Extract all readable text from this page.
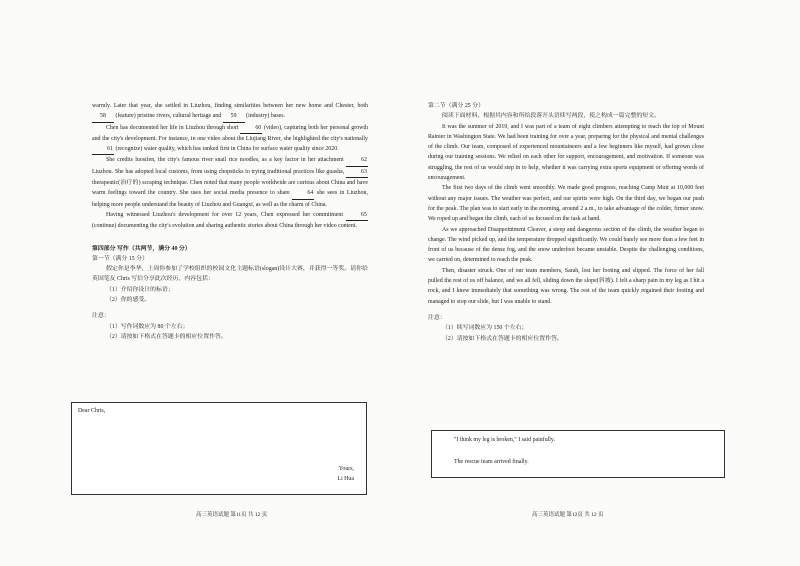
warmly. Later that year, she settled in Liuzhou, finding similarities between her new home and Chester, both 58 (feature) pristine rivers, cultural heritage and 59 (industry) bases.

Chen has documented her life in Liuzhou through short	60 (video), capturing both her personal growth and the city's development. For instance, in one video about the Liujiang River, she highlighted the city's nationally 61 (recognize) water quality, which has ranked first in China for surface water quality since 2020.

She credits luosifen, the city's famous river snail rice noodles, as a key factor in her attachment	62 Liuzhou. She has adopted local customs, from using chopsticks to trying traditional practices like guasha,	63 therapeutic(治疗的) scraping technique. Chen noted that many people worldwide are curious about China and have warm feelings toward the country. She uses her social media presence to share	64 she sees in Liuzhou, helping more people understand the beauty of Liuzhou and Guangxi, as well as the charm of China.

Having witnessed Liuzhou's development for over 12 years, Chen expressed her commitment	65 (continue) documenting the city's evolution and sharing authentic stories about China through her video content.

第四部分 写作（共两节，满分 40 分）

第一节（满分 15 分）

假定你是李华，上周你参加了学校组织的校园文化主题标语(slogan)设计大赛，并获得一等奖。请你给英国笔友 Chris 写信分享此次经历，内容包括：

（1）介绍你设计的标语；

（2）你的感受。

注意：

（1）写作词数应为 80 个左右；

（2）请按如下格式在答题卡的相应位置作答。

Dear Chris,
Yours,
Li Hua
高三英语试题 第11页 共 12 页

第二节（满分 25 分）

阅读下面材料，根据其内容和所给段落开头语续写两段，使之构成一篇完整的短文。

It was the summer of 2019, and I was part of a team of eight climbers attempting to reach the top of Mount Rainier in Washington State. We had been training for over a year, preparing for the physical and mental challenges of the climb. Our team, composed of experienced mountaineers and a few beginners like myself, had grown close during our training sessions. We relied on each other for support, encouragement, and motivation. If someone was struggling, the rest of us would step in to help, whether it was carrying extra sports equipment or offering words of encouragement.

The first two days of the climb went smoothly. We made good progress, reaching Camp Muir at 10,000 feet without any major issues. The weather was perfect, and our spirits were high. On the third day, we began our push for the peak. The plan was to start early in the morning, around 2 a.m., to take advantage of the colder, firmer snow. We roped up and began the climb, each of us focused on the task at hand.

As we approached Disappointment Cleaver, a steep and dangerous section of the climb, the weather began to change. The wind picked up, and the temperature dropped significantly. We could barely see more than a few feet in front of us because of the dense fog, and the snow underfoot became unstable. Despite the challenging conditions, we carried on, determined to reach the peak.

Then, disaster struck. One of our team members, Sarah, lost her footing and slipped. The force of her fall pulled the rest of us off balance, and we all fell, sliding down the slope(斜坡). I felt a sharp pain in my leg as I hit a rock, and I knew immediately that something was wrong. The rest of the team quickly regained their footing and managed to stop our slide, but I was unable to stand.

注意：

（1）续写词数应为 150 个左右；

（2）请按如下格式在答题卡的相应位置作答。

"I think my leg is broken," I said painfully.
The rescue team arrived finally.
高三英语试题 第12页 共 12 页
